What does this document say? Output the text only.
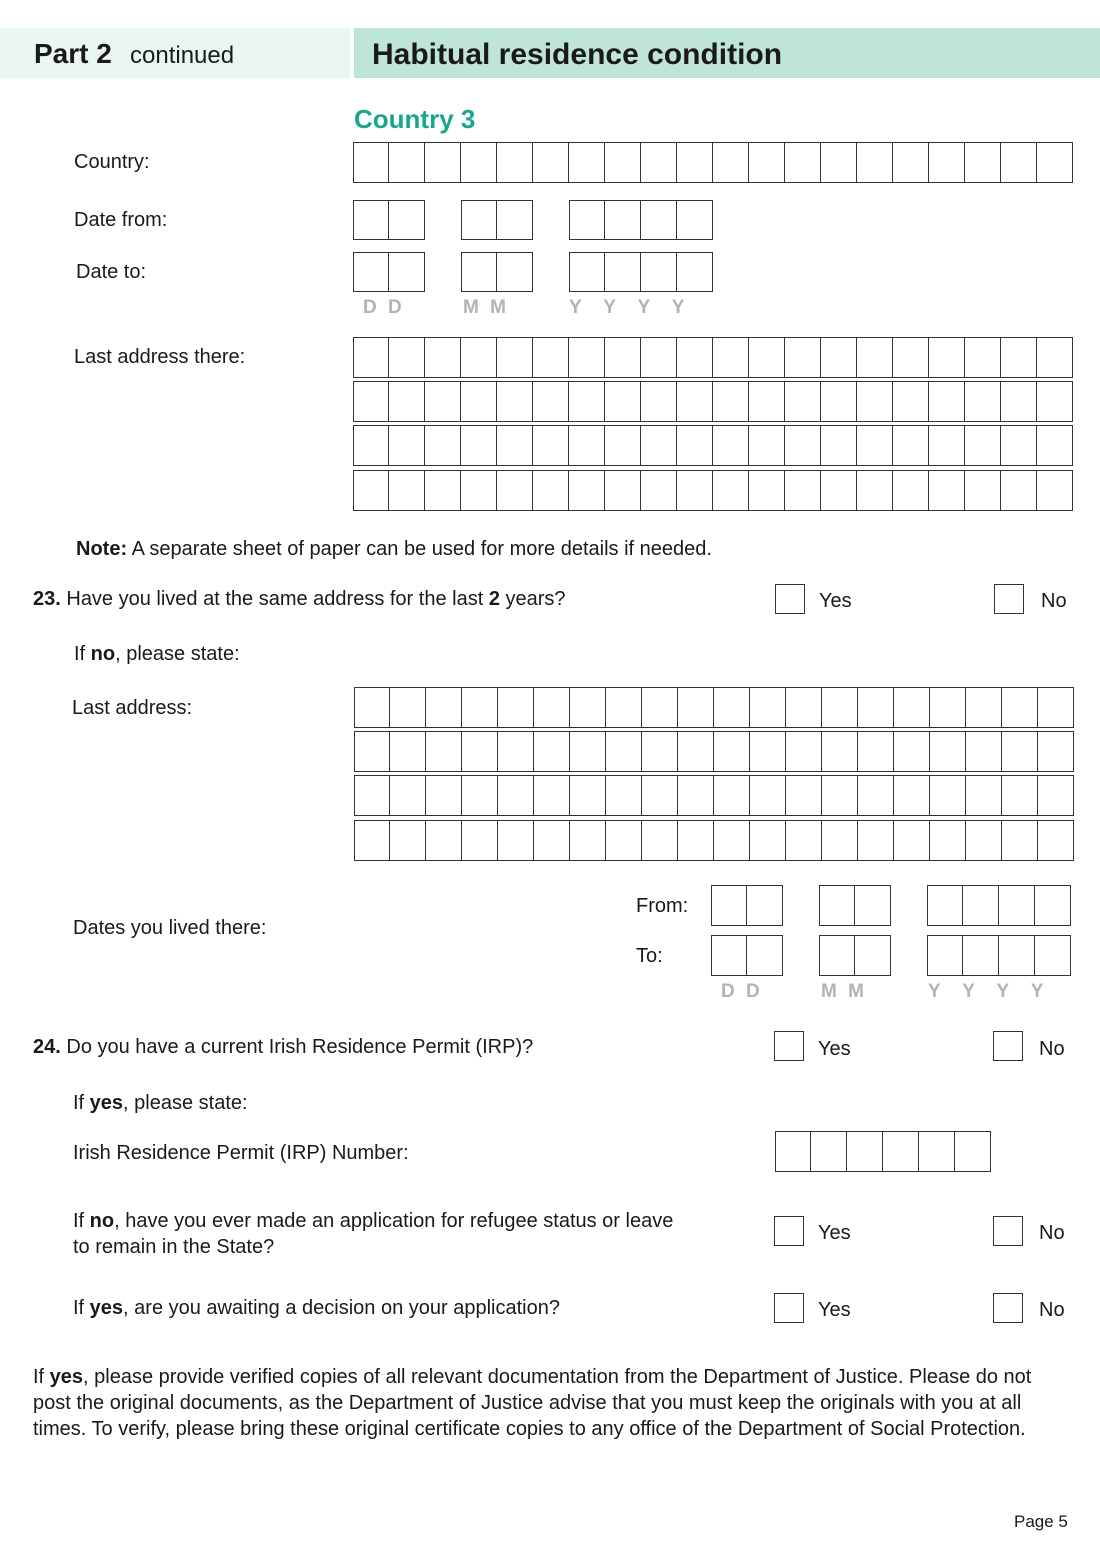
Part 2 continued	Habitual residence condition
Country 3
Country:
Date from:
Date to:
D D	M M	Y Y Y Y
Last address there:
Note: A separate sheet of paper can be used for more details if needed.
23. Have you lived at the same address for the last 2 years?	Yes	No
If no, please state:
Last address:
Dates you lived there:
From:
To:
D D	M M	Y Y Y Y
24. Do you have a current Irish Residence Permit (IRP)?	Yes	No
If yes, please state:
Irish Residence Permit (IRP) Number:
If no, have you ever made an application for refugee status or leave
to remain in the State?
Yes	No
If yes, are you awaiting a decision on your application?	Yes	No
If yes, please provide verified copies of all relevant documentation from the Department of Justice. Please do not post the original documents, as the Department of Justice advise that you must keep the originals with you at all times. To verify, please bring these original certificate copies to any office of the Department of Social Protection.
Page 5
